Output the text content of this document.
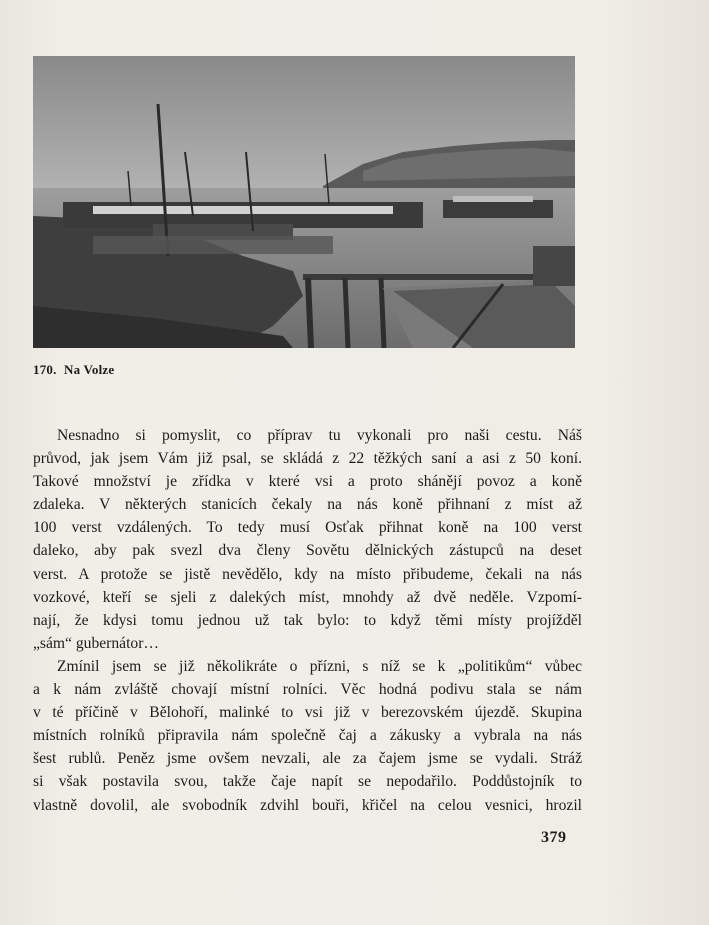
170. Na Volze

Nesnadno si pomyslit, co příprav tu vykonali pro naši cestu. Náš
průvod, jak jsem Vám již psal, se skládá z 22 těžkých saní a asi z 50 koní.
Takové množství je zřídka v které vsi a proto shánějí povoz a koně
zdaleka. V některých stanicích čekaly na nás koně přihnaní z míst až
100 verst vzdálených. To tedy musí Osťak přihnat koně na 100 verst
daleko, aby pak svezl dva členy Sovětu dělnických zástupců na deset
verst. A protože se jistě nevědělo, kdy na místo přibudeme, čekali na nás
vozkové, kteří se sjeli z dalekých míst, mnohdy až dvě neděle. Vzpomí-
nají, že kdysi tomu jednou už tak bylo: to když těmi místy projížděl
„sám“ gubernátor…

Zmínil jsem se již několikráte o přízni, s níž se k „politikům“ vůbec
a k nám zvláště chovají místní rolníci. Věc hodná podivu stala se nám
v té příčině v Bělohoří, malinké to vsi již v berezovském újezdě. Skupina
místních rolníků připravila nám společně čaj a zákusky a vybrala na nás
šest rublů. Peněz jsme ovšem nevzali, ale za čajem jsme se vydali. Stráž
si však postavila svou, takže čaje napít se nepodařilo. Poddůstojník to
vlastně dovolil, ale svobodník zdvihl bouři, křičel na celou vesnici, hrozil

379
